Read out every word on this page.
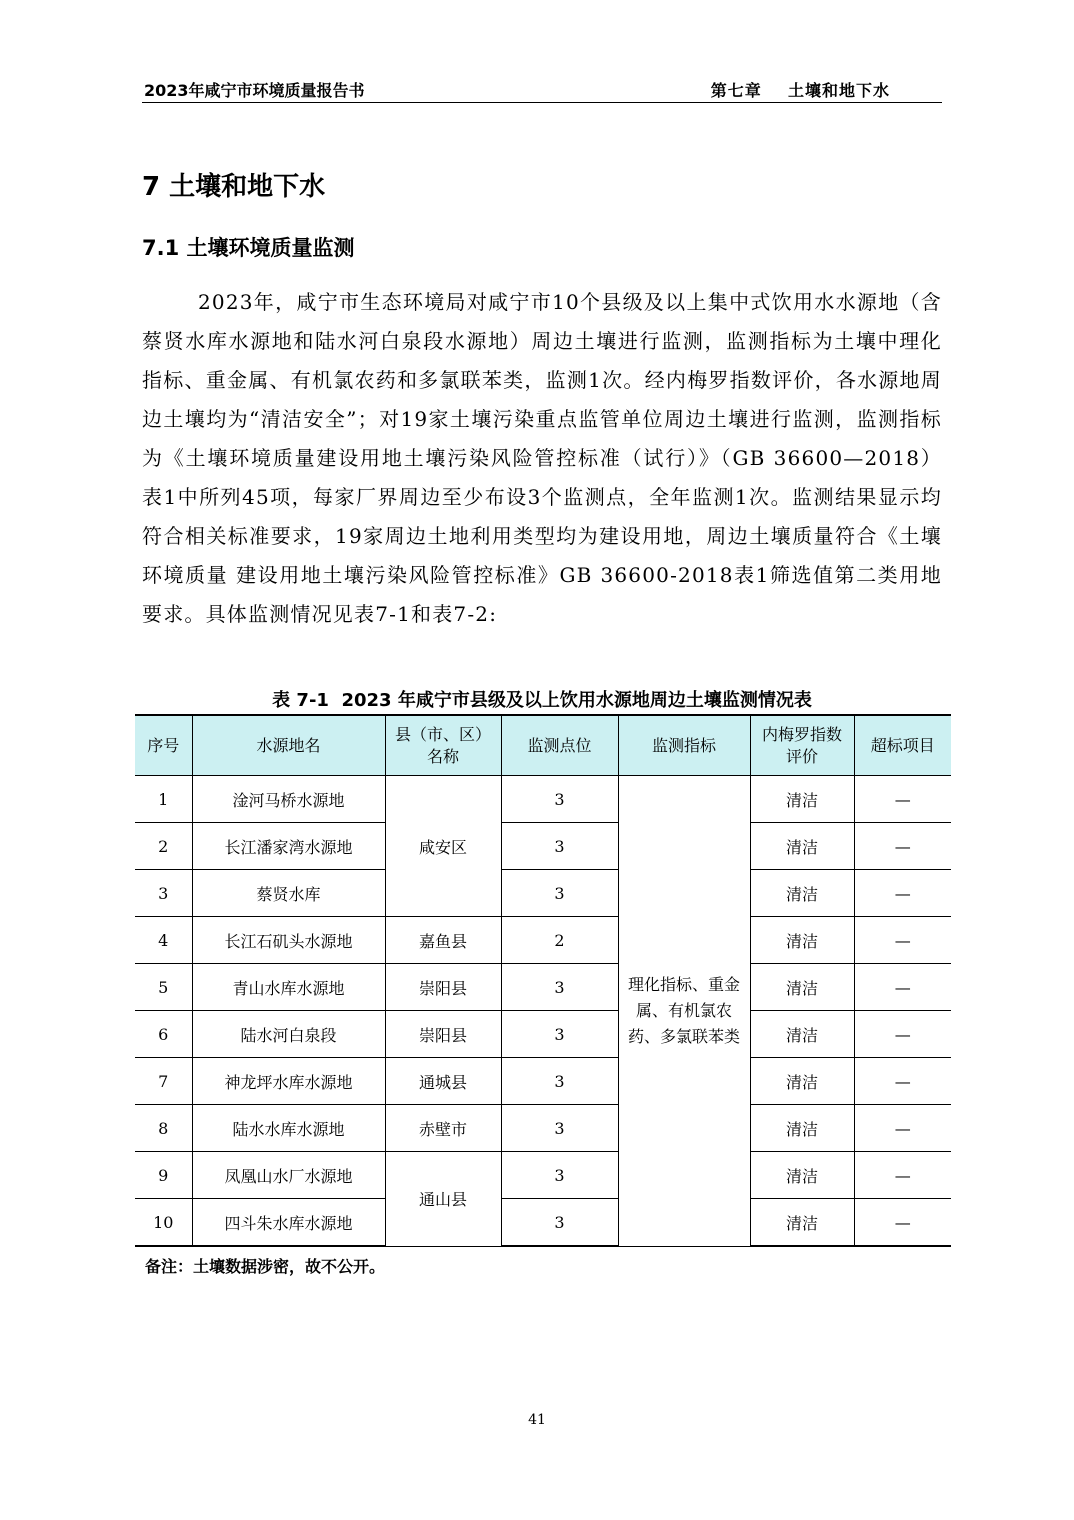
2023年咸宁市环境质量报告书	第七章    土壤和地下水
7 土壤和地下水
7.1 土壤环境质量监测

2023年，咸宁市生态环境局对咸宁市10个县级及以上集中式饮用水水源地（含蔡贤水库水源地和陆水河白泉段水源地）周边土壤进行监测，监测指标为土壤中理化指标、重金属、有机氯农药和多氯联苯类，监测1次。经内梅罗指数评价，各水源地周边土壤均为“清洁安全”；对19家土壤污染重点监管单位周边土壤进行监测，监测指标为《土壤环境质量建设用地土壤污染风险管控标准（试行）》（GB 36600—2018）表1中所列45项，每家厂界周边至少布设3个监测点，全年监测1次。监测结果显示均符合相关标准要求，19家周边土地利用类型均为建设用地，周边土壤质量符合《土壤环境质量 建设用地土壤污染风险管控标准》GB 36600-2018表1筛选值第二类用地要求。具体监测情况见表7-1和表7-2:

表 7-1  2023 年咸宁市县级及以上饮用水源地周边土壤监测情况表
序号	水源地名	县（市、区）名称	监测点位	监测指标	内梅罗指数评价	超标项目
1	淦河马桥水源地	咸安区	3	理化指标、重金属、有机氯农药、多氯联苯类	清洁	—
2	长江潘家湾水源地		3		清洁	—
3	蔡贤水库		3		清洁	—
4	长江石矶头水源地	嘉鱼县	2		清洁	—
5	青山水库水源地	崇阳县	3		清洁	—
6	陆水河白泉段	崇阳县	3		清洁	—
7	神龙坪水库水源地	通城县	3		清洁	—
8	陆水水库水源地	赤壁市	3		清洁	—
9	凤凰山水厂水源地	通山县	3		清洁	—
10	四斗朱水库水源地		3		清洁	—
备注：土壤数据涉密，故不公开。
41
